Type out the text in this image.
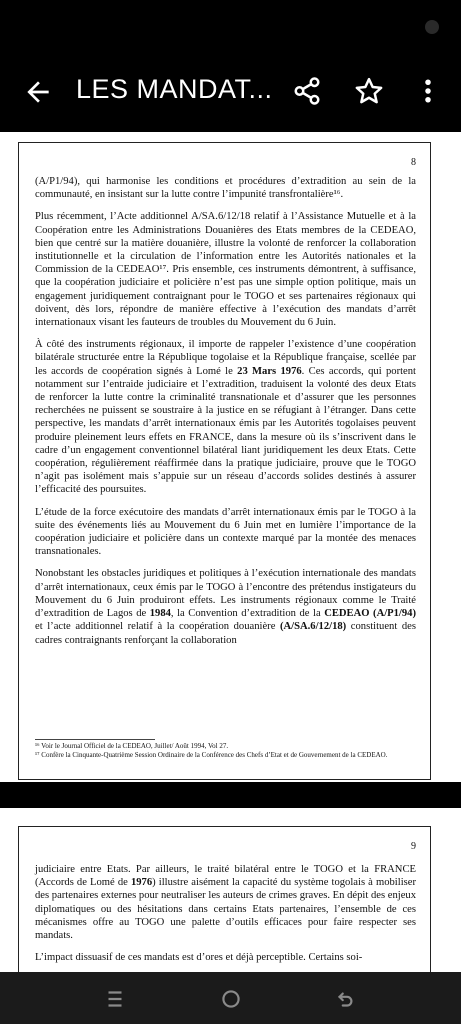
LES MANDAT...
8

(A/P1/94), qui harmonise les conditions et procédures d’extradition au sein de la communauté, en insistant sur la lutte contre l’impunité transfrontalière¹⁶.

Plus récemment, l’Acte additionnel A/SA.6/12/18 relatif à l’Assistance Mutuelle et à la Coopération entre les Administrations Douanières des Etats membres de la CEDEAO, bien que centré sur la matière douanière, illustre la volonté de renforcer la collaboration institutionnelle et la circulation de l’information entre les Autorités nationales et la Commission de la CEDEAO¹⁷. Pris ensemble, ces instruments démontrent, à suffisance, que la coopération judiciaire et policière n’est pas une simple option politique, mais un engagement juridiquement contraignant pour le TOGO et ses partenaires régionaux qui doivent, dès lors, répondre de manière effective à l’exécution des mandats d’arrêt internationaux visant les fauteurs de troubles du Mouvement du 6 Juin.

À côté des instruments régionaux, il importe de rappeler l’existence d’une coopération bilatérale structurée entre la République togolaise et la République française, scellée par les accords de coopération signés à Lomé le 23 Mars 1976. Ces accords, qui portent notamment sur l’entraide judiciaire et l’extradition, traduisent la volonté des deux Etats de renforcer la lutte contre la criminalité transnationale et d’assurer que les personnes recherchées ne puissent se soustraire à la justice en se réfugiant à l’étranger. Dans cette perspective, les mandats d’arrêt internationaux émis par les Autorités togolaises peuvent produire pleinement leurs effets en FRANCE, dans la mesure où ils s’inscrivent dans le cadre d’un engagement conventionnel bilatéral liant juridiquement les deux Etats. Cette coopération, régulièrement réaffirmée dans la pratique judiciaire, prouve que le TOGO n’agit pas isolément mais s’appuie sur un réseau d’accords solides destinés à assurer l’efficacité des poursuites.

L’étude de la force exécutoire des mandats d’arrêt internationaux émis par le TOGO à la suite des événements liés au Mouvement du 6 Juin met en lumière l’importance de la coopération judiciaire et policière dans un contexte marqué par la montée des menaces transnationales.

Nonobstant les obstacles juridiques et politiques à l’exécution internationale des mandats d’arrêt internationaux, ceux émis par le TOGO à l’encontre des prétendus instigateurs du Mouvement du 6 Juin produiront effets. Les instruments régionaux comme le Traité d’extradition de Lagos de 1984, la Convention d’extradition de la CEDEAO (A/P1/94) et l’acte additionnel relatif à la coopération douanière (A/SA.6/12/18) constituent des cadres contraignants renforçant la collaboration

¹⁶ Voir le Journal Officiel de la CEDEAO, Juillet/ Août 1994, Vol 27.
¹⁷ Confère la Cinquante-Quatrième Session Ordinaire de la Conférence des Chefs d’Etat et de Gouvernement de la CEDEAO.
9

judiciaire entre Etats. Par ailleurs, le traité bilatéral entre le TOGO et la FRANCE (Accords de Lomé de 1976) illustre aisément la capacité du système togolais à mobiliser des partenaires externes pour neutraliser les auteurs de crimes graves. En dépit des enjeux diplomatiques ou des hésitations dans certains Etats partenaires, l’ensemble de ces mécanismes offre au TOGO une palette d’outils efficaces pour faire respecter ses mandats.

L’impact dissuasif de ces mandats est d’ores et déjà perceptible. Certains soi-
